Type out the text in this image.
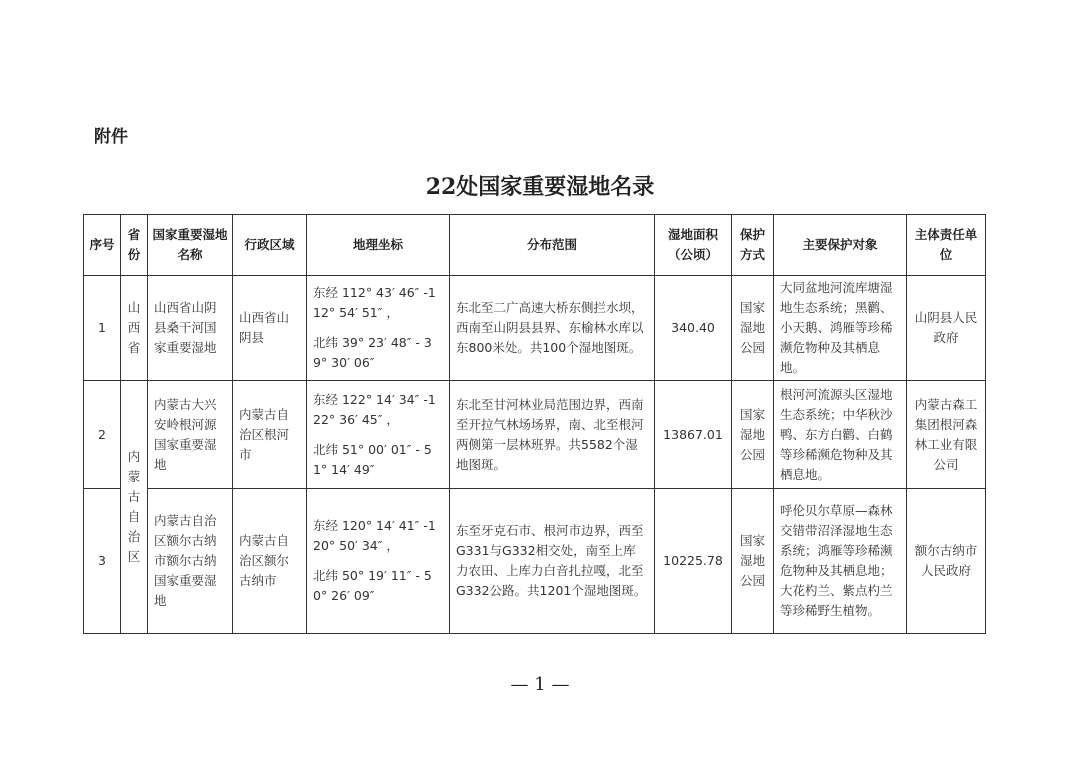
附件
22处国家重要湿地名录
序号	省份	国家重要湿地名称	行政区域	地理坐标	分布范围	湿地面积（公顷）	保护方式	主要保护对象	主体责任单位
1	山西省	山西省山阴县桑干河国家重要湿地	山西省山阴县	东经 112° 43′ 46″ -112° 54′ 51″ ，
北纬 39° 23′ 48″ - 39° 30′ 06″	东北至二广高速大桥东侧拦水坝，西南至山阴县县界、东榆林水库以东800米处。共100个湿地图斑。	340.40	国家湿地公园	大同盆地河流库塘湿地生态系统；黑鹳、小天鹅、鸿雁等珍稀濒危物种及其栖息地。	山阴县人民政府
2	内蒙古自治区	内蒙古大兴安岭根河源国家重要湿地	内蒙古自治区根河市	东经 122° 14′ 34″ -122° 36′ 45″ ，
北纬 51° 00′ 01″ - 51° 14′ 49″	东北至甘河林业局范围边界，西南至开拉气林场场界，南、北至根河两侧第一层林班界。共5582个湿地图斑。	13867.01	国家湿地公园	根河河流源头区湿地生态系统；中华秋沙鸭、东方白鹳、白鹤等珍稀濒危物种及其栖息地。	内蒙古森工集团根河森林工业有限公司
3		内蒙古自治区额尔古纳市额尔古纳国家重要湿地	内蒙古自治区额尔古纳市	东经 120° 14′ 41″ -120° 50′ 34″ ，
北纬 50° 19′ 11″ - 50° 26′ 09″	东至牙克石市、根河市边界，西至G331与G332相交处，南至上库力农田、上库力白音扎拉嘎，北至G332公路。共1201个湿地图斑。	10225.78	国家湿地公园	呼伦贝尔草原—森林交错带沼泽湿地生态系统；鸿雁等珍稀濒危物种及其栖息地；大花杓兰、紫点杓兰等珍稀野生植物。	额尔古纳市人民政府
— 1 —
